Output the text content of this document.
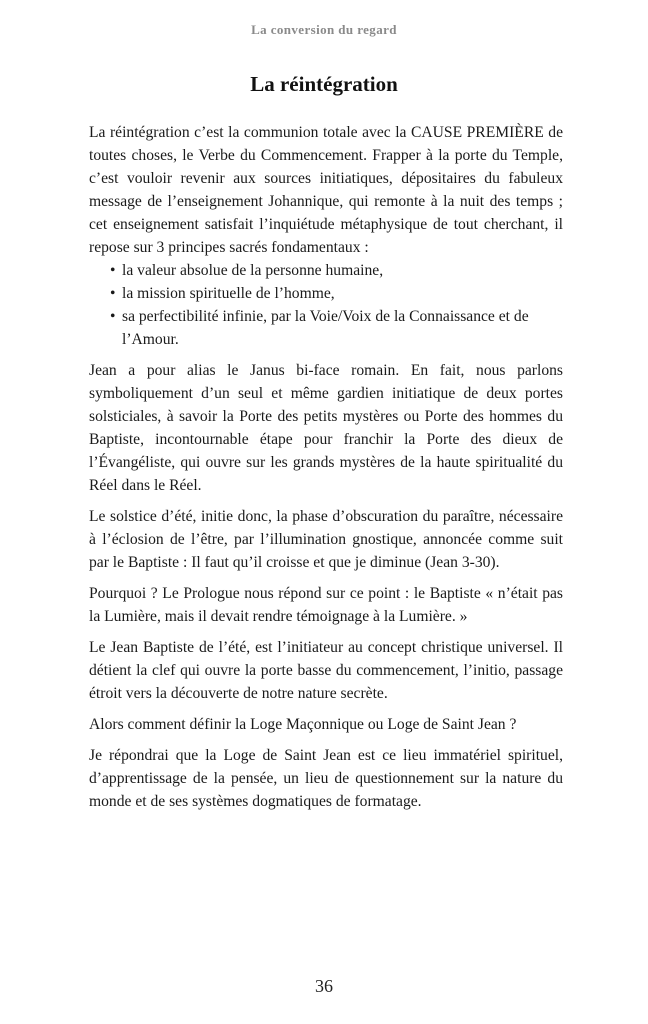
La conversion du regard
La réintégration

La réintégration c’est la communion totale avec la CAUSE PREMIÈRE de toutes choses, le Verbe du Commencement. Frapper à la porte du Temple, c’est vouloir revenir aux sources initiatiques, dépositaires du fabuleux message de l’enseignement Johannique, qui remonte à la nuit des temps ; cet enseignement satisfait l’inquiétude métaphysique de tout cherchant, il repose sur 3 principes sacrés fondamentaux :

• la valeur absolue de la personne humaine,
• la mission spirituelle de l’homme,
• sa perfectibilité infinie, par la Voie/Voix de la Connaissance et de l’Amour.

Jean a pour alias le Janus bi-face romain. En fait, nous parlons symboliquement d’un seul et même gardien initiatique de deux portes solsticiales, à savoir la Porte des petits mystères ou Porte des hommes du Baptiste, incontournable étape pour franchir la Porte des dieux de l’Évangéliste, qui ouvre sur les grands mystères de la haute spiritualité du Réel dans le Réel.

Le solstice d’été, initie donc, la phase d’obscuration du paraître, nécessaire à l’éclosion de l’être, par l’illumination gnostique, annoncée comme suit par le Baptiste : Il faut qu’il croisse et que je diminue (Jean 3-30).

Pourquoi ? Le Prologue nous répond sur ce point : le Baptiste « n’était pas la Lumière, mais il devait rendre témoignage à la Lumière. »

Le Jean Baptiste de l’été, est l’initiateur au concept christique universel. Il détient la clef qui ouvre la porte basse du commencement, l’initio, passage étroit vers la découverte de notre nature secrète.

Alors comment définir la Loge Maçonnique ou Loge de Saint Jean ?

Je répondrai que la Loge de Saint Jean est ce lieu immatériel spirituel, d’apprentissage de la pensée, un lieu de questionnement sur la nature du monde et de ses systèmes dogmatiques de formatage.

36
